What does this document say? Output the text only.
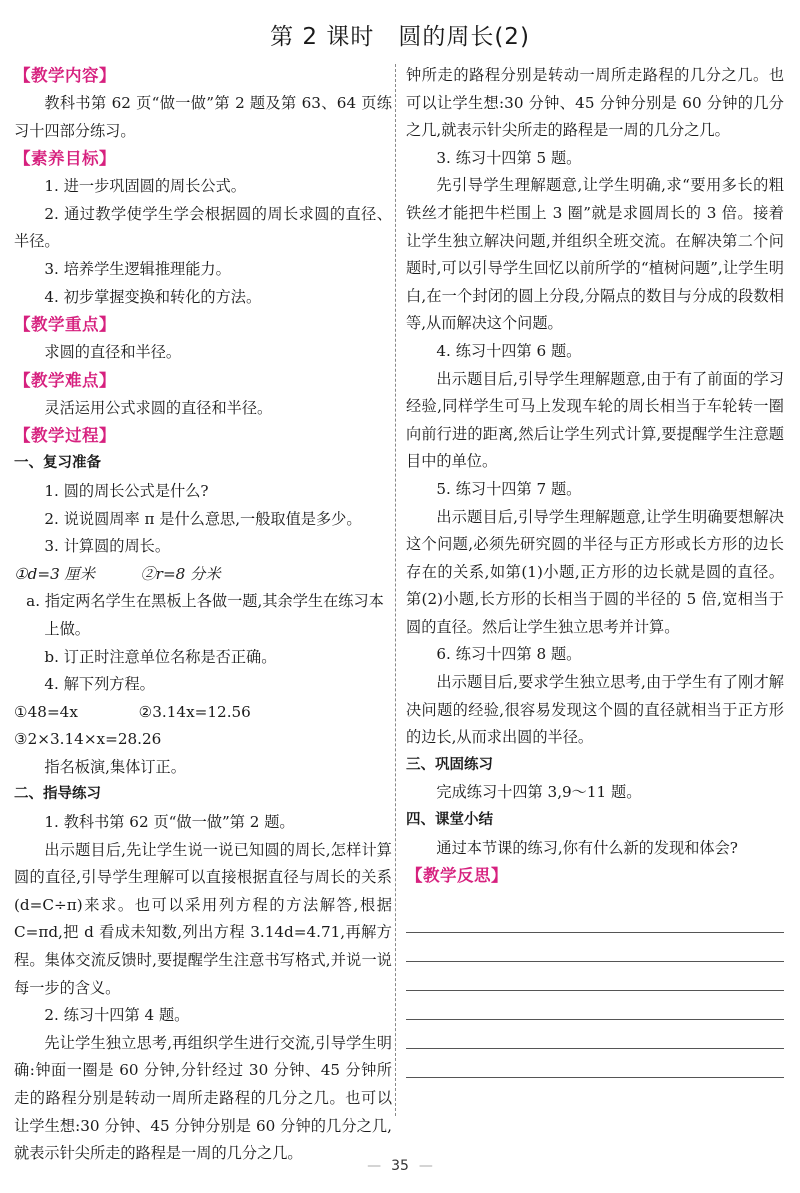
第 2 课时　圆的周长(2)
【教学内容】

教科书第 62 页“做一做”第 2 题及第 63、64 页练习十四部分练习。

【素养目标】

1. 进一步巩固圆的周长公式。

2. 通过教学使学生学会根据圆的周长求圆的直径、半径。

3. 培养学生逻辑推理能力。

4. 初步掌握变换和转化的方法。

【教学重点】

求圆的直径和半径。

【教学难点】

灵活运用公式求圆的直径和半径。

【教学过程】
一、复习准备

1. 圆的周长公式是什么?

2. 说说圆周率 π 是什么意思,一般取值是多少。

3. 计算圆的周长。

①d=3 厘米　　　②r=8 分米

a. 指定两名学生在黑板上各做一题,其余学生在练习本上做。

b. 订正时注意单位名称是否正确。

4. 解下列方程。

①48=4x　　　　②3.14x=12.56

③2×3.14×x=28.26

指名板演,集体订正。

二、指导练习

1. 教科书第 62 页“做一做”第 2 题。

出示题目后,先让学生说一说已知圆的周长,怎样计算圆的直径,引导学生理解可以直接根据直径与周长的关系(d=C÷π)来求。也可以采用列方程的方法解答,根据 C=πd,把 d 看成未知数,列出方程 3.14d=4.71,再解方程。集体交流反馈时,要提醒学生注意书写格式,并说一说每一步的含义。

2. 练习十四第 4 题。

先让学生独立思考,再组织学生进行交流,引导学生明确:钟面一圈是 60 分钟,分针经过 30 分钟、45 分钟所走的路程分别是转动一周所走路程的几分之几。也可以让学生想:30 分钟、45 分钟分别是 60 分钟的几分之几,就表示针尖所走的路程是一周的几分之几。

钟所走的路程分别是转动一周所走路程的几分之几。也可以让学生想:30 分钟、45 分钟分别是 60 分钟的几分之几,就表示针尖所走的路程是一周的几分之几。

3. 练习十四第 5 题。

先引导学生理解题意,让学生明确,求“要用多长的粗铁丝才能把牛栏围上 3 圈”就是求圆周长的 3 倍。接着让学生独立解决问题,并组织全班交流。在解决第二个问题时,可以引导学生回忆以前所学的“植树问题”,让学生明白,在一个封闭的圆上分段,分隔点的数目与分成的段数相等,从而解决这个问题。

4. 练习十四第 6 题。

出示题目后,引导学生理解题意,由于有了前面的学习经验,同样学生可马上发现车轮的周长相当于车轮转一圈向前行进的距离,然后让学生列式计算,要提醒学生注意题目中的单位。

5. 练习十四第 7 题。

出示题目后,引导学生理解题意,让学生明确要想解决这个问题,必须先研究圆的半径与正方形或长方形的边长存在的关系,如第(1)小题,正方形的边长就是圆的直径。第(2)小题,长方形的长相当于圆的半径的 5 倍,宽相当于圆的直径。然后让学生独立思考并计算。

6. 练习十四第 8 题。

出示题目后,要求学生独立思考,由于学生有了刚才解决问题的经验,很容易发现这个圆的直径就相当于正方形的边长,从而求出圆的半径。

三、巩固练习

完成练习十四第 3,9～11 题。

四、课堂小结

通过本节课的练习,你有什么新的发现和体会?

【教学反思】
— 35 —
